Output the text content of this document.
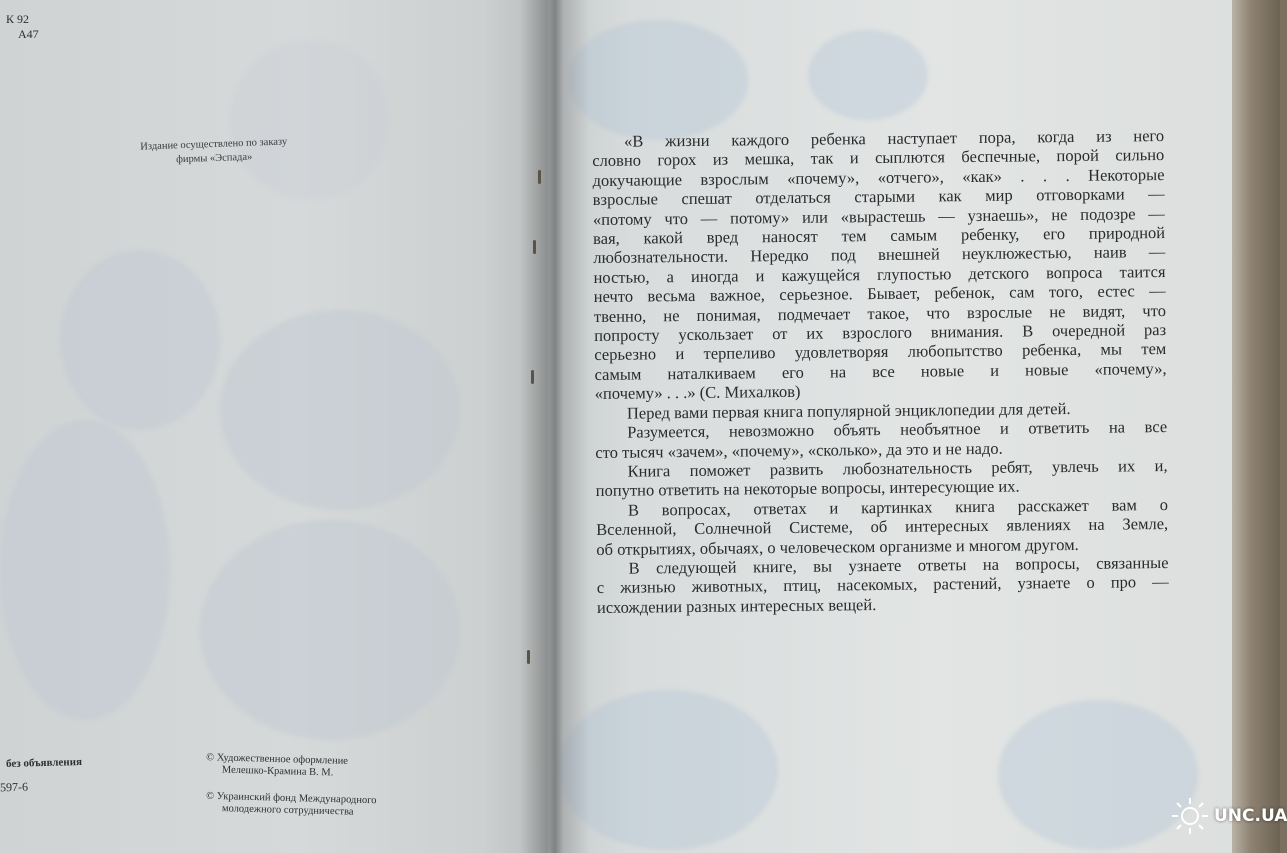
К 92
А47
Издание осуществлено по заказу
фирмы «Эспада»
без объявления
597-6
© Художественное оформление
Мелешко-Крамина В. М.
© Украинский фонд Международного
молодежного сотрудничества

«В жизни каждого ребенка наступает пора, когда из него
словно горох из мешка, так и сыплются беспечные, порой сильно
докучающие взрослым «почему», «отчего», «как» . . . Некоторые
взрослые спешат отделаться старыми как мир отговорками —
«потому что — потому» или «вырастешь — узнаешь», не подозре —
вая, какой вред наносят тем самым ребенку, его природной
любознательности. Нередко под внешней неуклюжестью, наив —
ностью, а иногда и кажущейся глупостью детского вопроса таится
нечто весьма важное, серьезное. Бывает, ребенок, сам того, естес —
твенно, не понимая, подмечает такое, что взрослые не видят, что
попросту ускользает от их взрослого внимания. В очередной раз
серьезно и терпеливо удовлетворяя любопытство ребенка, мы тем
самым наталкиваем его на все новые и новые «почему»,
«почему» . . .» (С. Михалков)

Перед вами первая книга популярной энциклопедии для детей.

Разумеется, невозможно объять необъятное и ответить на все
сто тысяч «зачем», «почему», «сколько», да это и не надо.

Книга поможет развить любознательность ребят, увлечь их и,
попутно ответить на некоторые вопросы, интересующие их.

В вопросах, ответах и картинках книга расскажет вам о
Вселенной, Солнечной Системе, об интересных явлениях на Земле,
об открытиях, обычаях, о человеческом организме и многом другом.

В следующей книге, вы узнаете ответы на вопросы, связанные
с жизнью животных, птиц, насекомых, растений, узнаете о про —
исхождении разных интересных вещей.

UNC.UA
